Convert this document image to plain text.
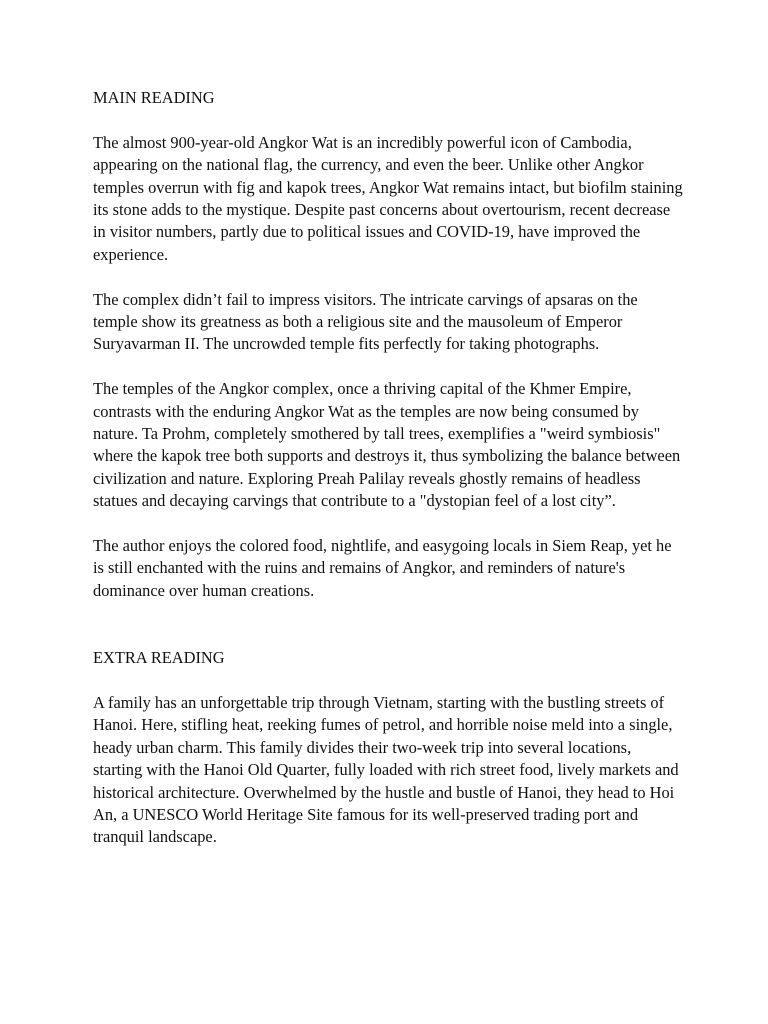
MAIN READING

The almost 900-year-old Angkor Wat is an incredibly powerful icon of Cambodia, appearing on the national flag, the currency, and even the beer. Unlike other Angkor temples overrun with fig and kapok trees, Angkor Wat remains intact, but biofilm staining its stone adds to the mystique. Despite past concerns about overtourism, recent decrease in visitor numbers, partly due to political issues and COVID-19, have improved the experience.

The complex didn’t fail to impress visitors. The intricate carvings of apsaras on the temple show its greatness as both a religious site and the mausoleum of Emperor Suryavarman II. The uncrowded temple fits perfectly for taking photographs.

The temples of the Angkor complex, once a thriving capital of the Khmer Empire, contrasts with the enduring Angkor Wat as the temples are now being consumed by nature. Ta Prohm, completely smothered by tall trees, exemplifies a "weird symbiosis" where the kapok tree both supports and destroys it, thus symbolizing the balance between civilization and nature. Exploring Preah Palilay reveals ghostly remains of headless statues and decaying carvings that contribute to a "dystopian feel of a lost city”.

The author enjoys the colored food, nightlife, and easygoing locals in Siem Reap, yet he is still enchanted with the ruins and remains of Angkor, and reminders of nature's dominance over human creations.

EXTRA READING

A family has an unforgettable trip through Vietnam, starting with the bustling streets of Hanoi. Here, stifling heat, reeking fumes of petrol, and horrible noise meld into a single, heady urban charm. This family divides their two-week trip into several locations, starting with the Hanoi Old Quarter, fully loaded with rich street food, lively markets and historical architecture. Overwhelmed by the hustle and bustle of Hanoi, they head to Hoi An, a UNESCO World Heritage Site famous for its well-preserved trading port and tranquil landscape.
